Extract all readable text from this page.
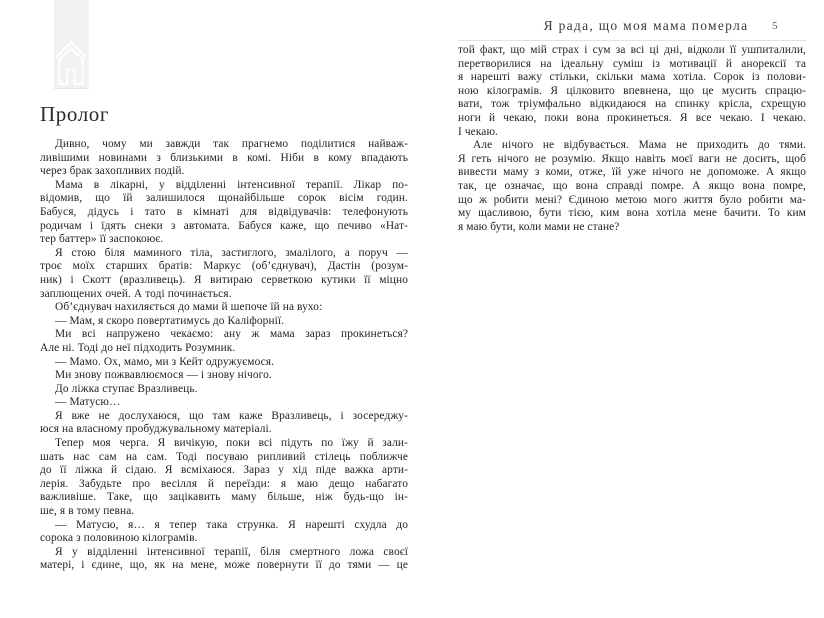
Пролог
Дивно, чому ми завжди так прагнемо поділитися найваж-
ливішими новинами з близькими в комі. Ніби в кому впадають
через брак захопливих подій.
Мама в лікарні, у відділенні інтенсивної терапії. Лікар по-
відомив, що їй залишилося щонайбільше сорок вісім годин.
Бабуся, дідусь і тато в кімнаті для відвідувачів: телефонують
родичам і їдять снеки з автомата. Бабуся каже, що печиво «Нат-
тер баттер» її заспокоює.
Я стою біля маминого тіла, застиглого, змалілого, а поруч —
троє моїх старших братів: Маркус (об’єднувач), Дастін (розум-
ник) і Скотт (вразливець). Я витираю серветкою кутики її міцно
заплющених очей. А тоді починається.
Об’єднувач нахиляється до мами й шепоче їй на вухо:
— Мам, я скоро повертатимусь до Каліфорнії.
Ми всі напружено чекаємо: ану ж мама зараз прокинеться?
Але ні. Тоді до неї підходить Розумник.
— Мамо. Ох, мамо, ми з Кейт одружуємося.
Ми знову пожвавлюємося — і знову нічого.
До ліжка ступає Вразливець.
— Матусю…
Я вже не дослухаюся, що там каже Вразливець, і зосереджу-
юся на власному пробуджувальному матеріалі.
Тепер моя черга. Я вичікую, поки всі підуть по їжу й зали-
шать нас сам на сам. Тоді посуваю рипливий стілець поближче
до її ліжка й сідаю. Я всміхаюся. Зараз у хід піде важка арти-
лерія. Забудьте про весілля й переїзди: я маю дещо набагато
важливіше. Таке, що зацікавить маму більше, ніж будь-що ін-
ше, я в тому певна.
— Матусю, я… я тепер така струнка. Я нарешті схудла до
сорока з половиною кілограмів.
Я у відділенні інтенсивної терапії, біля смертного ложа своєї
матері, і єдине, що, як на мене, може повернути її до тями — це
Я рада, що моя мама померла	5
той факт, що мій страх і сум за всі ці дні, відколи її ушпиталили,
перетворилися на ідеальну суміш із мотивації й анорексії та
я нарешті важу стільки, скільки мама хотіла. Сорок із полови-
ною кілограмів. Я цілковито впевнена, що це мусить спрацю-
вати, тож тріумфально відкидаюся на спинку крісла, схрещую
ноги й чекаю, поки вона прокинеться. Я все чекаю. І чекаю.
І чекаю.
Але нічого не відбувається. Мама не приходить до тями.
Я геть нічого не розумію. Якщо навіть моєї ваги не досить, щоб
вивести маму з коми, отже, їй уже нічого не допоможе. А якщо
так, це означає, що вона справді помре. А якщо вона помре,
що ж робити мені? Єдиною метою мого життя було робити ма-
му щасливою, бути тією, ким вона хотіла мене бачити. То ким
я маю бути, коли мами не стане?
